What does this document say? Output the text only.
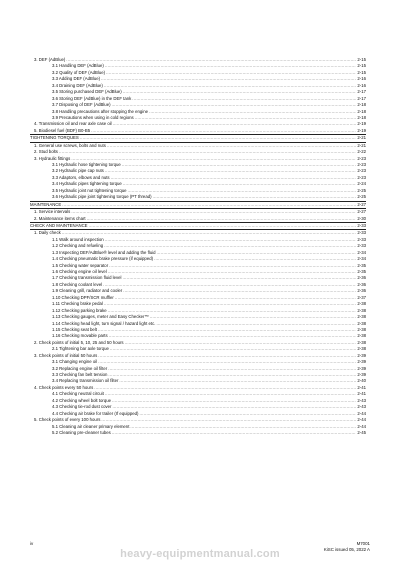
3. DEF (AdBlue) .....	2-15
3.1 Handling DEF (AdBlue) .....	2-15
3.2 Quality of DEF (AdBlue) .....	2-15
3.3 Adding DEF (AdBlue) .....	2-16
3.4 Draining DEF (AdBlue) .....	2-16
3.5 Storing purchased DEF (AdBlue) .....	2-17
3.6 Storing DEF (AdBlue) in the DEF tank .....	2-17
3.7 Disposing of DEF (AdBlue) .....	2-18
3.8 Handling precautions after stopping the engine .....	2-18
3.9 Precautions when using in cold regions .....	2-18
4. Transmission oil and rear axle case oil .....	2-19
5. Biodiesel fuel (BDF) B0-B5 .....	2-19
TIGHTENING TORQUES .....	2-21
1. General use screws, bolts and nuts .....	2-21
2. Stud bolts .....	2-22
3. Hydraulic fittings .....	2-23
3.1 Hydraulic hose tightening torque .....	2-23
3.2 Hydraulic pipe cap nuts .....	2-23
3.3 Adaptors, elbows and nuts .....	2-23
3.4 Hydraulic pipes tightening torque .....	2-24
3.5 Hydraulic joint nut tightening torque .....	2-25
3.6 Hydraulic pipe joint tightening torque (PT thread) .....	2-25
MAINTENANCE .....	2-27
1. Service intervals .....	2-27
2. Maintenance items chart .....	2-30
CHECK AND MAINTENANCE .....	2-33
1. Daily check .....	2-33
1.1 Walk around inspection .....	2-33
1.2 Checking and refueling .....	2-33
1.3 Inspecting DEF/AdBlue® level and adding the fluid .....	2-34
1.4 Checking pneumatic brake pressure (if equipped) .....	2-34
1.5 Checking water separator .....	2-35
1.6 Checking engine oil level .....	2-35
1.7 Checking transmission fluid level .....	2-36
1.8 Checking coolant level .....	2-36
1.9 Cleaning grill, radiator and cooler .....	2-36
1.10 Checking DPF/SCR muffler .....	2-37
1.11 Checking brake pedal .....	2-38
1.12 Checking parking brake .....	2-38
1.13 Checking gauges, meter and Easy Checker™ .....	2-38
1.14 Checking head light, turn signal / hazard light etc. .....	2-38
1.15 Checking seat belt .....	2-38
1.16 Checking movable parts .....	2-38
2. Check points of initial 5, 10, 25 and 50 hours .....	2-38
2.1 Tightening bar axle torque .....	2-38
3. Check points of initial 50 hours .....	2-39
3.1 Changing engine oil .....	2-39
3.2 Replacing engine oil filter .....	2-39
3.3 Checking fan belt tension .....	2-39
3.4 Replacing transmission oil filter .....	2-40
4. Check points every 50 hours .....	2-41
4.1 Checking neutral circuit .....	2-41
4.2 Checking wheel bolt torque .....	2-43
4.3 Checking tie-rod dust cover .....	2-43
4.4 Checking air brake for trailer (If equipped) .....	2-44
5. Check points of every 100 hours .....	2-44
5.1 Cleaning air cleaner primary element .....	2-44
5.2 Cleaning pre-cleaner tubes .....	2-45
iv	M7001
KiSC issued 05, 2022 A
heavy-equipmentmanual.com
